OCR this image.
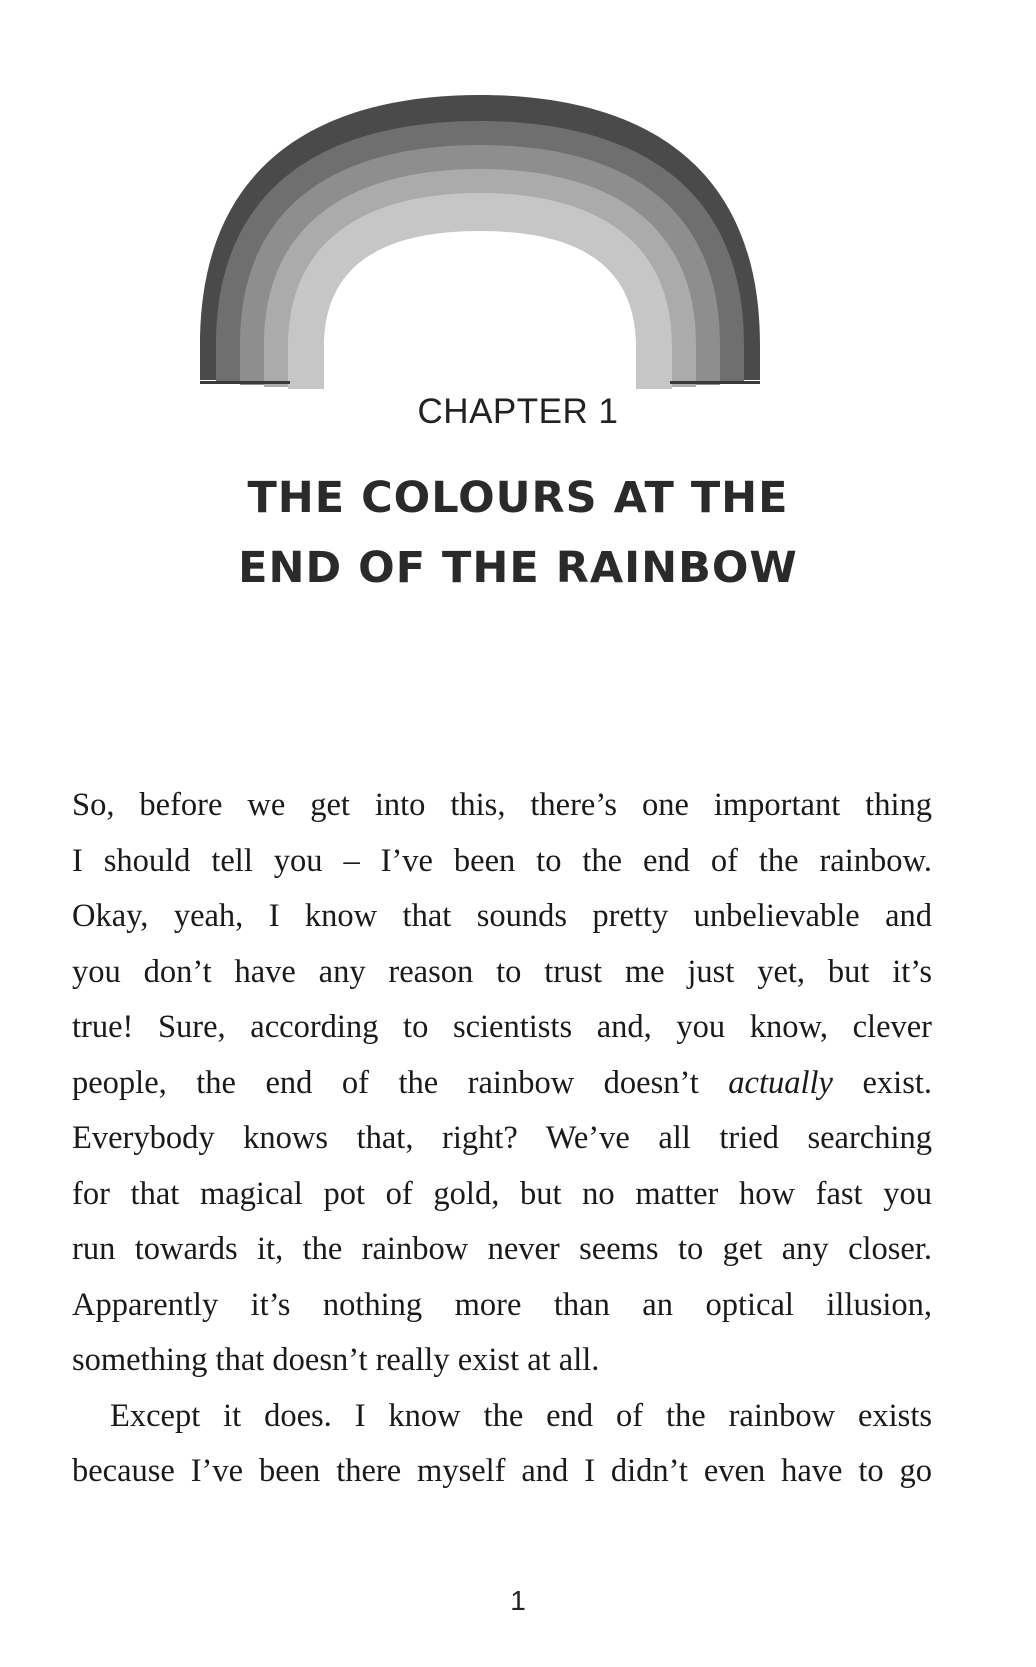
CHAPTER 1
THE COLOURS AT THE
END OF THE RAINBOW

So, before we get into this, there’s one important thing
I should tell you – I’ve been to the end of the rainbow.
Okay, yeah, I know that sounds pretty unbelievable and
you don’t have any reason to trust me just yet, but it’s
true! Sure, according to scientists and, you know, clever
people, the end of the rainbow doesn’t actually exist.
Everybody knows that, right? We’ve all tried searching
for that magical pot of gold, but no matter how fast you
run towards it, the rainbow never seems to get any closer.
Apparently it’s nothing more than an optical illusion,
something that doesn’t really exist at all.

Except it does. I know the end of the rainbow exists
because I’ve been there myself and I didn’t even have to go

1
